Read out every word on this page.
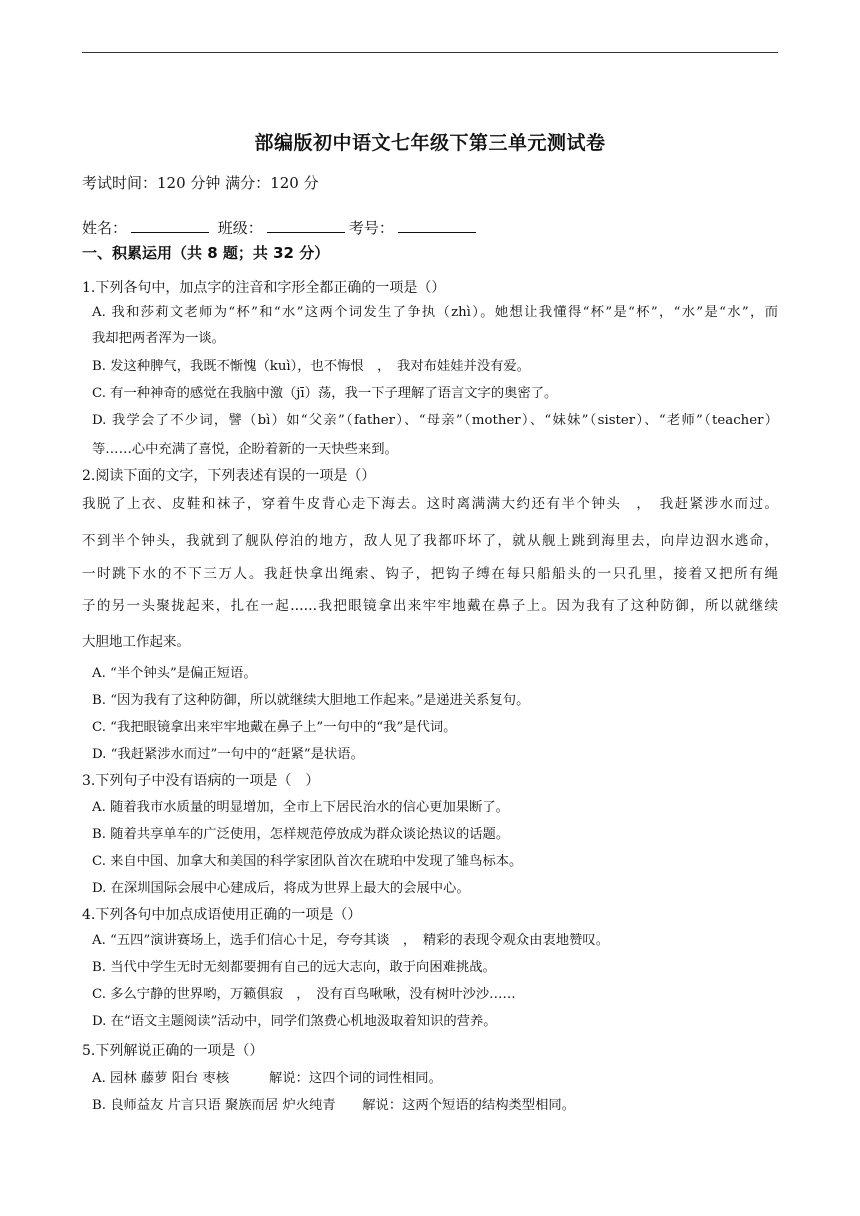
部编版初中语文七年级下第三单元测试卷
考试时间：120 分钟 满分：120 分
姓名：	班级：	考号：
一、积累运用（共 8 题；共 32 分）
1.下列各句中，加点字的注音和字形全都正确的一项是（）
A. 我和莎莉文老师为“杯”和“水”这两个词发生了争执（zhì）。她想让我懂得“杯”是“杯”，“水”是“水”，而
我却把两者浑为一谈。
B. 发这种脾气，我既不惭愧（kuì），也不悔恨　，　我对布娃娃并没有爱。
C. 有一种神奇的感觉在我脑中激（jī）荡，我一下子理解了语言文字的奥密了。
D. 我学会了不少词，譬（bì）如“父亲”（father）、“母亲”（mother）、“妹妹”（sister）、“老师”（teacher）
等……心中充满了喜悦，企盼着新的一天快些来到。
2.阅读下面的文字，下列表述有误的一项是（）
我脱了上衣、皮鞋和袜子，穿着牛皮背心走下海去。这时离满满大约还有半个钟头　，　我赶紧涉水而过。
不到半个钟头，我就到了舰队停泊的地方，敌人见了我都吓坏了，就从舰上跳到海里去，向岸边泅水逃命，
一时跳下水的不下三万人。我赶快拿出绳索、钩子，把钩子缚在每只船船头的一只孔里，接着又把所有绳
子的另一头聚拢起来，扎在一起……我把眼镜拿出来牢牢地戴在鼻子上。因为我有了这种防御，所以就继续
大胆地工作起来。
A. “半个钟头”是偏正短语。
B. “因为我有了这种防御，所以就继续大胆地工作起来。”是递进关系复句。
C. “我把眼镜拿出来牢牢地戴在鼻子上”一句中的“我”是代词。
D. “我赶紧涉水而过”一句中的“赶紧”是状语。
3.下列句子中没有语病的一项是（　）
A. 随着我市水质量的明显增加，全市上下居民治水的信心更加果断了。
B. 随着共享单车的广泛使用，怎样规范停放成为群众谈论热议的话题。
C. 来自中国、加拿大和美国的科学家团队首次在琥珀中发现了雏鸟标本。
D. 在深圳国际会展中心建成后，将成为世界上最大的会展中心。
4.下列各句中加点成语使用正确的一项是（）
A. “五四”演讲赛场上，选手们信心十足，夸夸其谈　，　精彩的表现令观众由衷地赞叹。
B. 当代中学生无时无刻都要拥有自己的远大志向，敢于向困难挑战。
C. 多么宁静的世界哟，万籁俱寂　，　没有百鸟啾啾，没有树叶沙沙……
D. 在“语文主题阅读”活动中，同学们煞费心机地汲取着知识的营养。
5.下列解说正确的一项是（）
A. 园林 藤萝 阳台 枣核　　　解说：这四个词的词性相同。
B. 良师益友 片言只语 聚族而居 炉火纯青　　解说：这两个短语的结构类型相同。
